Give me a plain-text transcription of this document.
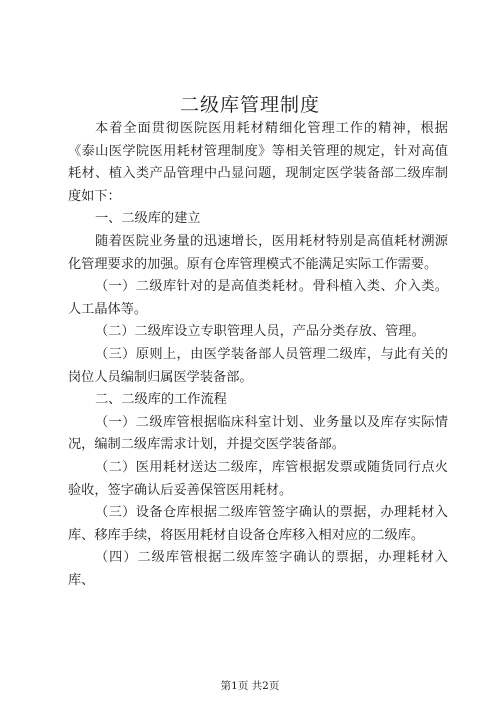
二级库管理制度

本着全面贯彻医院医用耗材精细化管理工作的精神，根据《泰山医学院医用耗材管理制度》等相关管理的规定，针对高值耗材、植入类产品管理中凸显问题，现制定医学装备部二级库制度如下：

一、二级库的建立

随着医院业务量的迅速增长，医用耗材特别是高值耗材溯源化管理要求的加强。原有仓库管理模式不能满足实际工作需要。

（一）二级库针对的是高值类耗材。骨科植入类、介入类。人工晶体等。

（二）二级库设立专职管理人员，产品分类存放、管理。

（三）原则上，由医学装备部人员管理二级库，与此有关的岗位人员编制归属医学装备部。

二、二级库的工作流程

（一）二级库管根据临床科室计划、业务量以及库存实际情况，编制二级库需求计划，并提交医学装备部。

（二）医用耗材送达二级库，库管根据发票或随货同行点火验收，签字确认后妥善保管医用耗材。

（三）设备仓库根据二级库管签字确认的票据，办理耗材入库、移库手续，将医用耗材自设备仓库移入相对应的二级库。

（四）二级库管根据二级库签字确认的票据，办理耗材入库、

第1页 共2页
